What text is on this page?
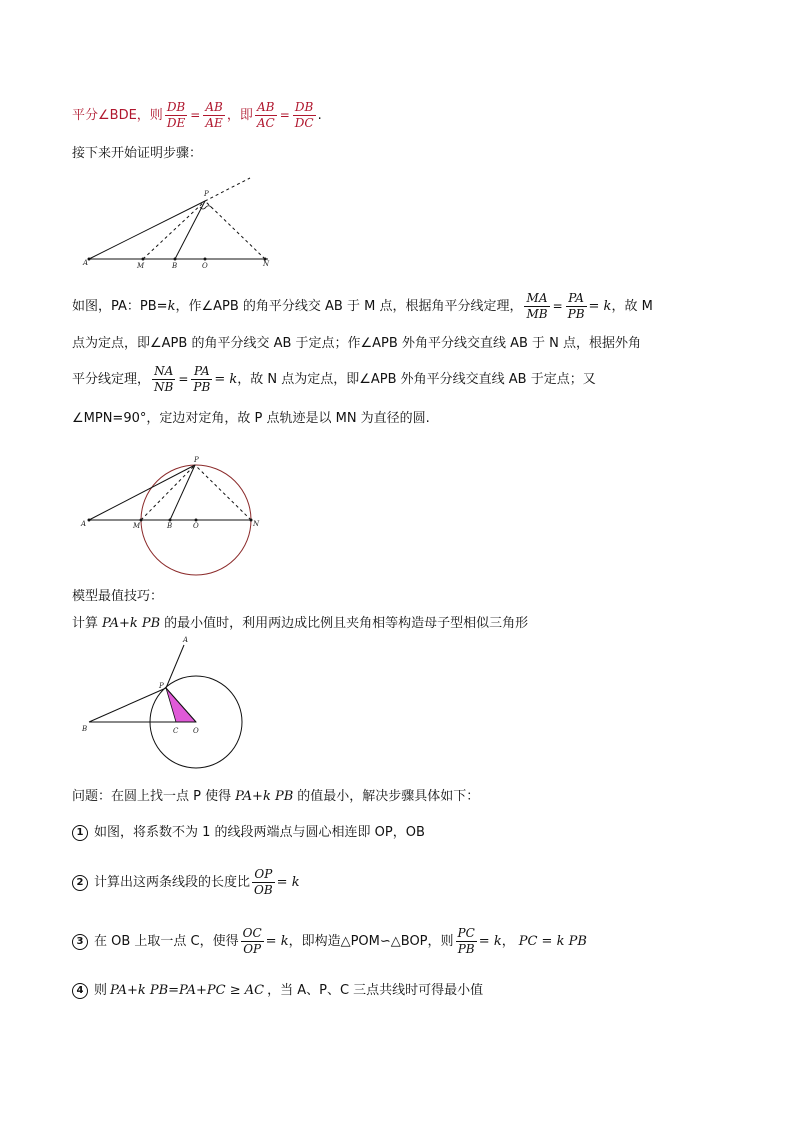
平分∠BDE，则 $\frac{DB}{DE} = \frac{AB}{AE}$ ，即 $\frac{AB}{AC} = \frac{DB}{DC}$ .
接下来开始证明步骤：
如图，PA：PB=k，作∠APB 的角平分线交 AB 于 M 点，根据角平分线定理， $\frac{MA}{MB} = \frac{PA}{PB} = k$，故 M
点为定点，即∠APB 的角平分线交 AB 于定点；作∠APB 外角平分线交直线 AB 于 N 点，根据外角
平分线定理， $\frac{NA}{NB} = \frac{PA}{PB} = k$，故 N 点为定点，即∠APB 外角平分线交直线 AB 于定点；又
∠MPN=90°，定边对定角，故 P 点轨迹是以 MN 为直径的圆.
模型最值技巧：
计算 PA+k PB 的最小值时，利用两边成比例且夹角相等构造母子型相似三角形
问题：在圆上找一点 P 使得 PA+k PB 的值最小，解决步骤具体如下：
1 如图，将系数不为 1 的线段两端点与圆心相连即 OP，OB
2 计算出这两条线段的长度比 $\frac{OP}{OB} = k$
3 在 OB 上取一点 C，使得 $\frac{OC}{OP} = k$，即构造△POM∽△BOP，则 $\frac{PC}{PB} = k$， PC = k PB
4 则 PA+k PB=PA+PC ≥ AC ，当 A、P、C 三点共线时可得最小值
A	M	B	O	N
P
A	M	B	O	N
P
A
P
B	C O
